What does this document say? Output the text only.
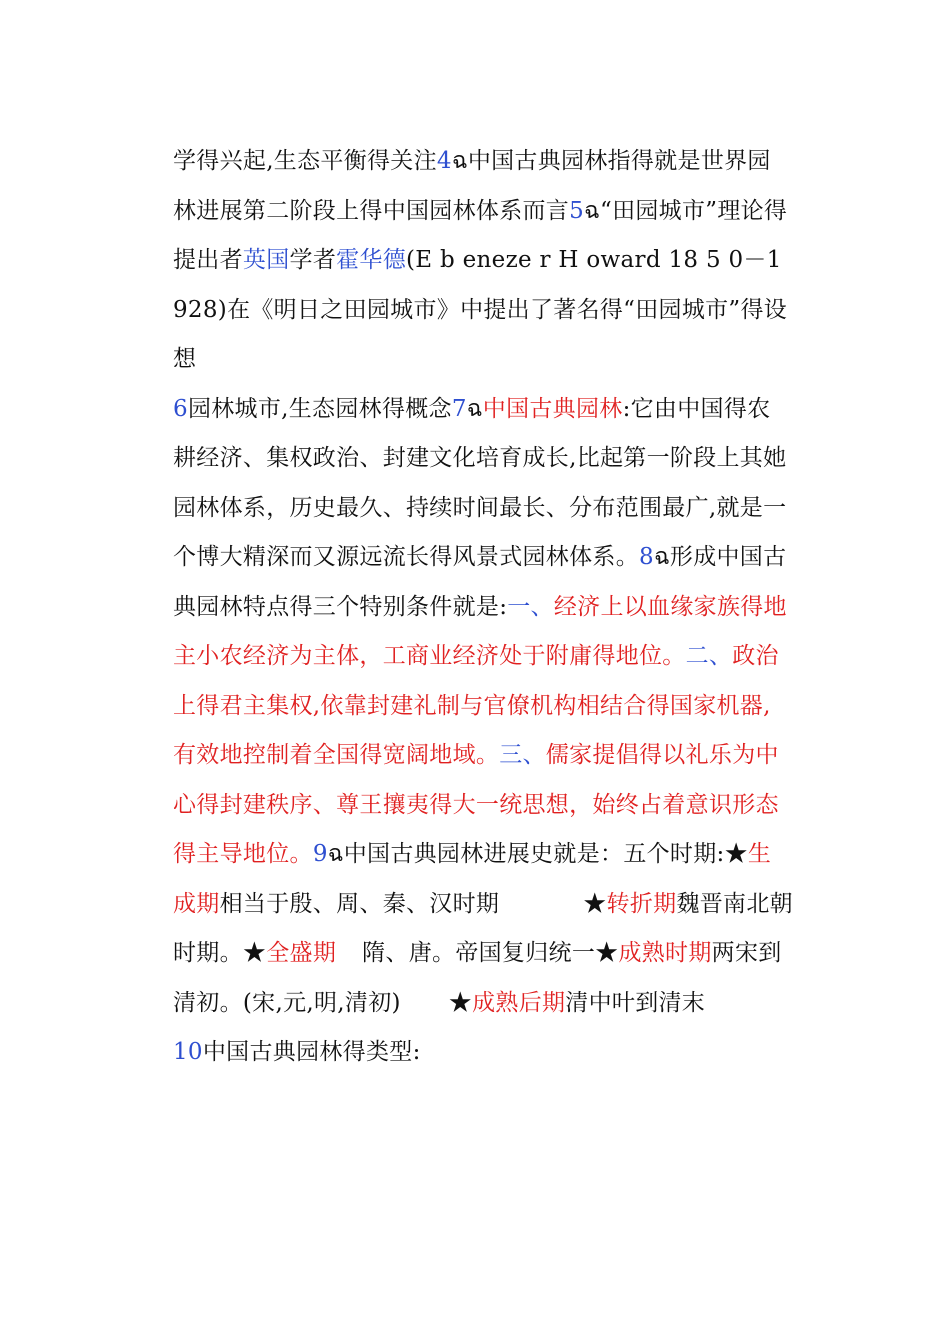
学得兴起,生态平衡得关注4ฉ中国古典园林指得就是世界园林进展第二阶段上得中国园林体系而言5ฉ“田园城市”理论得提出者英国学者霍华德(E b eneze r H oward 18 5 0－1928)在《明日之田园城市》中提出了著名得“田园城市”得设想

6园林城市,生态园林得概念7ฉ中国古典园林:它由中国得农耕经济、集权政治、封建文化培育成长,比起第一阶段上其她园林体系，历史最久、持续时间最长、分布范围最广,就是一个博大精深而又源远流长得风景式园林体系。8ฉ形成中国古典园林特点得三个特别条件就是:一、经济上以血缘家族得地主小农经济为主体，工商业经济处于附庸得地位。二、政治上得君主集权,依靠封建礼制与官僚机构相结合得国家机器,有效地控制着全国得宽阔地域。三、儒家提倡得以礼乐为中心得封建秩序、尊王攘夷得大一统思想，始终占着意识形态得主导地位。9ฉ中国古典园林进展史就是：五个时期:★生成期相当于殷、周、秦、汉时期	★转折期魏晋南北朝时期。★全盛期 隋、唐。帝国复归统一★成熟时期两宋到清初。(宋,元,明,清初) ★成熟后期清中叶到清末

10中国古典园林得类型:
